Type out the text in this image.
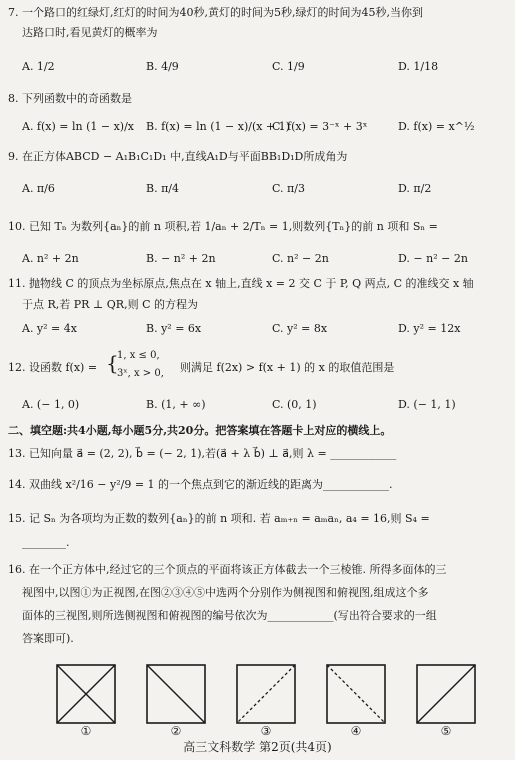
7. 一个路口的红绿灯,红灯的时间为40秒,黄灯的时间为5秒,绿灯的时间为45秒,当你到
达路口时,看见黄灯的概率为
A. 1/2	B. 4/9	C. 1/9	D. 1/18
8. 下列函数中的奇函数是
A. f(x) = ln (1 − x)/x B. f(x) = ln (1 − x)/(x + 1)
C. f(x) = 3⁻ˣ + 3ˣ	D. f(x) = x^½
9. 在正方体ABCD − A₁B₁C₁D₁ 中,直线A₁D与平面BB₁D₁D所成角为
A. π/6	B. π/4	C. π/3	D. π/2
10. 已知 Tₙ 为数列{aₙ}的前 n 项积,若 1/aₙ + 2/Tₙ = 1,则数列{Tₙ}的前 n 项和 Sₙ =
A. n² + 2n	B. − n² + 2n	C. n² − 2n	D. − n² − 2n
11. 抛物线 C 的顶点为坐标原点,焦点在 x 轴上,直线 x = 2 交 C 于 P, Q 两点, C 的准线交 x 轴
于点 R,若 PR ⊥ QR,则 C 的方程为
A. y² = 4x	B. y² = 6x	C. y² = 8x	D. y² = 12x
12. 设函数 f(x) = {
1, x ≤ 0,
3ˣ, x > 0, 则满足 f(2x) > f(x + 1) 的 x 的取值范围是
A. (− 1, 0)	B. (1, + ∞)	C. (0, 1)	D. (− 1, 1)
二、填空题:共4小题,每小题5分,共20分。把答案填在答题卡上对应的横线上。
13. 已知向量 a⃗ = (2, 2), b⃗ = (− 2, 1),若(a⃗ + λ b⃗) ⊥ a⃗,则 λ = ____________
14. 双曲线 x²/16 − y²/9 = 1 的一个焦点到它的渐近线的距离为____________.
15. 记 Sₙ 为各项均为正数的数列{aₙ}的前 n 项和. 若 aₘ₊ₙ = aₘaₙ, a₄ = 16,则 S₄ =
________.
16. 在一个正方体中,经过它的三个顶点的平面将该正方体截去一个三棱锥. 所得多面体的三
视图中,以图①为正视图,在图②③④⑤中选两个分别作为侧视图和俯视图,组成这个多
面体的三视图,则所选侧视图和俯视图的编号依次为____________(写出符合要求的一组
答案即可).
①	②	③	④	⑤
高三文科数学 第2页(共4页)
